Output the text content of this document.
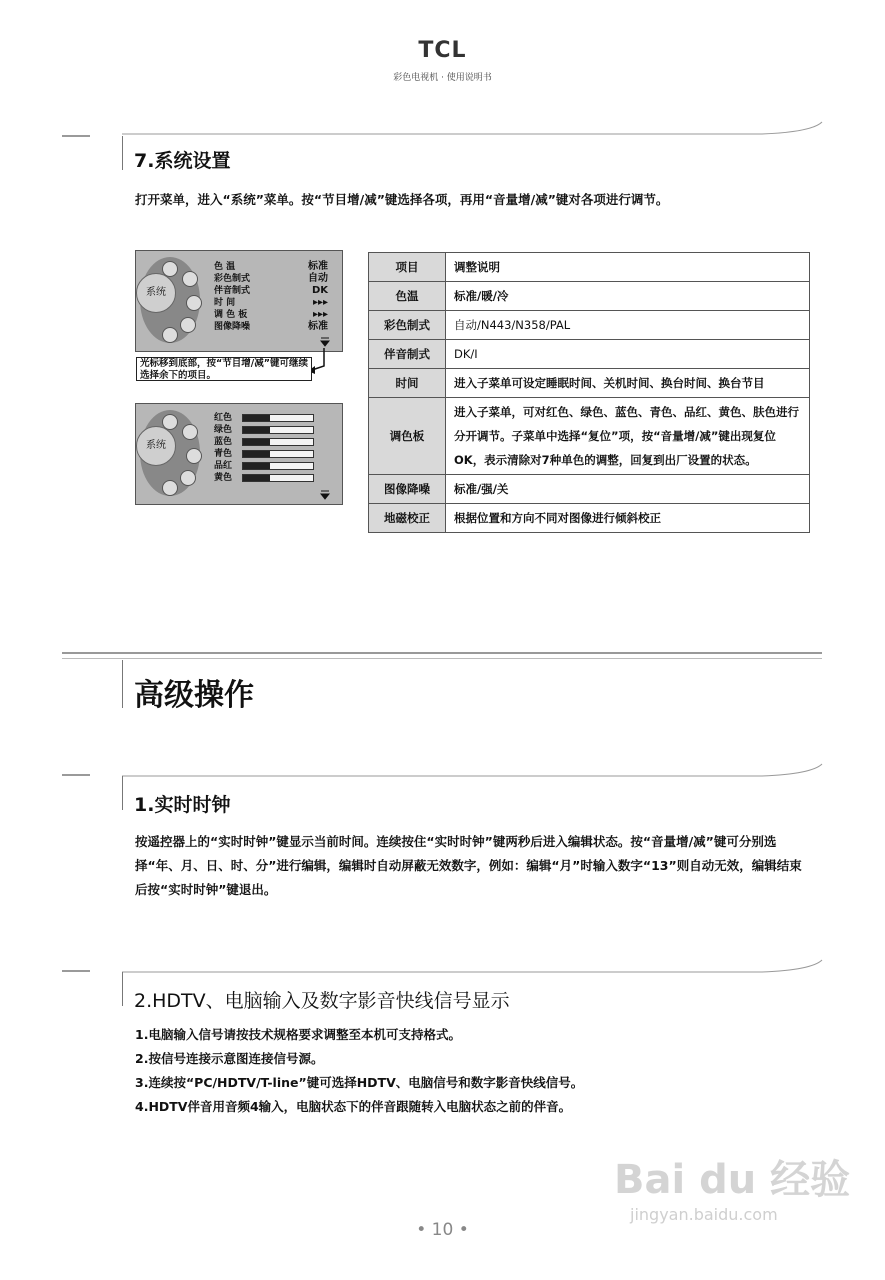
TCL
彩色电视机 · 使用说明书
7.系统设置
打开菜单，进入“系统”菜单。按“节目增/减”键选择各项，再用“音量增/减”键对各项进行调节。
系统
色 温	标准
彩色制式	自动
伴音制式	DK
时 间	▸▸▸
调 色 板	▸▸▸
图像降噪	标准
光标移到底部，按“节目增/减”键可继续选择余下的项目。
系统
红色
绿色
蓝色
青色
品红
黄色
项目	调整说明
色温	标准/暖/冷
彩色制式	自动/N443/N358/PAL
伴音制式	DK/I
时间	进入子菜单可设定睡眠时间、关机时间、换台时间、换台节目
调色板	进入子菜单，可对红色、绿色、蓝色、青色、品红、黄色、肤色进行分开调节。子菜单中选择“复位”项，按“音量增/减”键出现复位OK，表示清除对7种单色的调整，回复到出厂设置的状态。
图像降噪	标准/强/关
地磁校正	根据位置和方向不同对图像进行倾斜校正
高级操作
1.实时时钟
按遥控器上的“实时时钟”键显示当前时间。连续按住“实时时钟”键两秒后进入编辑状态。按“音量增/减”键可分别选择“年、月、日、时、分”进行编辑，编辑时自动屏蔽无效数字，例如：编辑“月”时输入数字“13”则自动无效，编辑结束后按“实时时钟”键退出。
2.HDTV、电脑输入及数字影音快线信号显示
1.电脑输入信号请按技术规格要求调整至本机可支持格式。
2.按信号连接示意图连接信号源。
3.连续按“PC/HDTV/T-line”键可选择HDTV、电脑信号和数字影音快线信号。
4.HDTV伴音用音频4输入，电脑状态下的伴音跟随转入电脑状态之前的伴音。
Bai du 经验
jingyan.baidu.com
• 10 •
